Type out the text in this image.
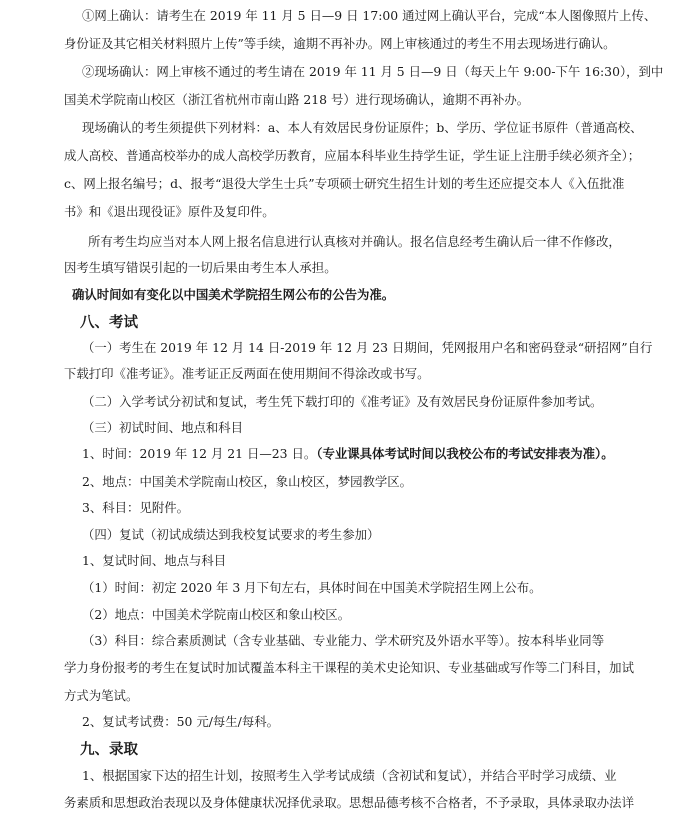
①网上确认：请考生在 2019 年 11 月 5 日—9 日 17:00 通过网上确认平台，完成“本人图像照片上传、
身份证及其它相关材料照片上传”等手续，逾期不再补办。网上审核通过的考生不用去现场进行确认。
②现场确认：网上审核不通过的考生请在 2019 年 11 月 5 日—9 日（每天上午 9:00-下午 16:30），到中
国美术学院南山校区（浙江省杭州市南山路 218 号）进行现场确认，逾期不再补办。
现场确认的考生须提供下列材料：a、本人有效居民身份证原件；b、学历、学位证书原件（普通高校、
成人高校、普通高校举办的成人高校学历教育，应届本科毕业生持学生证，学生证上注册手续必须齐全）；
c、网上报名编号；d、报考“退役大学生士兵”专项硕士研究生招生计划的考生还应提交本人《入伍批准
书》和《退出现役证》原件及复印件。
所有考生均应当对本人网上报名信息进行认真核对并确认。报名信息经考生确认后一律不作修改，
因考生填写错误引起的一切后果由考生本人承担。
确认时间如有变化以中国美术学院招生网公布的公告为准。
八、考试
（一）考生在 2019 年 12 月 14 日-2019 年 12 月 23 日期间，凭网报用户名和密码登录“研招网”自行
下载打印《准考证》。准考证正反两面在使用期间不得涂改或书写。
（二）入学考试分初试和复试，考生凭下载打印的《准考证》及有效居民身份证原件参加考试。
（三）初试时间、地点和科目
1、时间：2019 年 12 月 21 日—23 日。（专业课具体考试时间以我校公布的考试安排表为准）。
2、地点：中国美术学院南山校区，象山校区，梦园教学区。
3、科目：见附件。
（四）复试（初试成绩达到我校复试要求的考生参加）
1、复试时间、地点与科目
（1）时间：初定 2020 年 3 月下旬左右，具体时间在中国美术学院招生网上公布。
（2）地点：中国美术学院南山校区和象山校区。
（3）科目：综合素质测试（含专业基础、专业能力、学术研究及外语水平等）。按本科毕业同等
学力身份报考的考生在复试时加试覆盖本科主干课程的美术史论知识、专业基础或写作等二门科目，加试
方式为笔试。
2、复试考试费：50 元/每生/每科。
九、录取
1、根据国家下达的招生计划，按照考生入学考试成绩（含初试和复试），并结合平时学习成绩、业
务素质和思想政治表现以及身体健康状况择优录取。思想品德考核不合格者，不予录取，具体录取办法详
